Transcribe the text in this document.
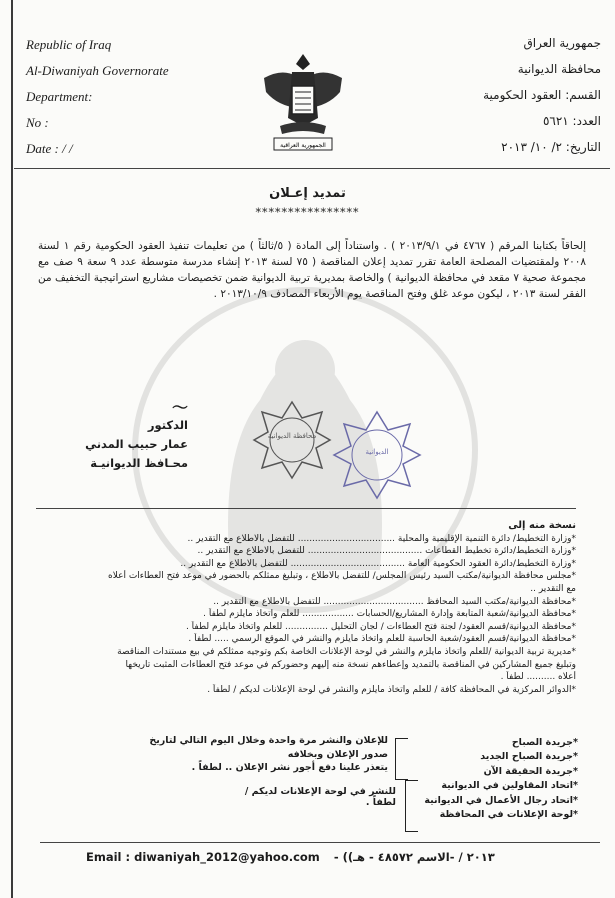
Republic of Iraq
Al-Diwaniyah Governorate
Department:
No :
Date : / /	الجمهورية العراقية
جمهورية العراق
محافظة الديوانية
القسم: العقود الحكومية
العدد: ٥٦٢١
التاريخ: ٢/ ١٠/ ٢٠١٣
تمديد إعـلان
****************

إلحاقاً بكتابنا المرقم ( ٤٧٦٧ في ٢٠١٣/٩/١ ) . واستناداً إلى المادة ( ٥/ثالثاً ) من تعليمات تنفيذ العقود الحكومية رقم ١ لسنة ٢٠٠٨ ولمقتضيات المصلحة العامة تقرر تمديد إعلان المناقصة ( ٧٥ لسنة ٢٠١٣ إنشاء مدرسة متوسطة عدد ٩ سعة ٩ صف مع مجموعة صحية ٧ مقعد في محافظة الديوانية ) والخاصة بمديرية تربية الديوانية ضمن تخصيصات مشاريع استراتيجية التخفيف من الفقر لسنة ٢٠١٣ ، ليكون موعد غلق وفتح المناقصة يوم الأربعاء المصادف ٢٠١٣/١٠/٩ .

محافظة الديوانية
الديوانية
～
الدكتور
عمار حبيب المدني
محـافظ الديوانيـة
نسخة منه إلى
*وزارة التخطيط/ دائرة التنمية الإقليمية والمحلية .................................. للتفضل بالاطلاع مع التقدير ..
*وزارة التخطيط/دائرة تخطيط القطاعات ........................................ للتفضل بالاطلاع مع التقدير ..
*وزارة التخطيط/دائرة العقود الحكومية العامة ........................................ للتفضل بالاطلاع مع التقدير ..
*مجلس محافظة الديوانية/مكتب السيد رئيس المجلس/ للتفضل بالاطلاع ، وتبليغ ممثلكم بالحضور في موعد فتح العطاءات أعلاه
مع التقدير ..
*محافظة الديوانية/مكتب السيد المحافظ ................................... للتفضل بالاطلاع مع التقدير ..
*محافظة الديوانية/شعبة المتابعة وإدارة المشاريع/الحسابات .................. للعلم واتخاذ مايلزم لطفاً .
*محافظة الديوانية/قسم العقود/ لجنة فتح العطاءات / لجان التحليل ............... للعلم واتخاذ مايلزم لطفاً .
*محافظة الديوانية/قسم العقود/شعبة الحاسبة للعلم واتخاذ مايلزم والنشر في الموقع الرسمي ..... لطفاً .
*مديرية تربية الديوانية /للعلم واتخاذ مايلزم والنشر في لوحة الإعلانات الخاصة بكم وتوجيه ممثلكم في بيع مستندات المناقصة
وتبليغ جميع المشاركين في المناقصة بالتمديد وإعطاءهم نسخة منه إليهم وحضوركم في موعد فتح العطاءات المثبت تاريخها
أعلاه .......... لطفاً .
*الدوائر المركزية في المحافظة كافة / للعلم واتخاذ مايلزم والنشر في لوحة الإعلانات لديكم / لطفاً .
*جريدة الصباح
*جريدة الصباح الجديد
*جريدة الحقيقة الآن
*اتحاد المقاولين في الديوانية
*اتحاد رجال الأعمال في الديوانية
*لوحة الإعلانات في المحافظة
للإعلان والنشر مرة واحدة وخلال اليوم التالي لتاريخ صدور الإعلان وبخلافه
يتعذر علينا دفع أجور نشر الإعلان .. لطفاً .
للنشر في لوحة الإعلانات لديكم / لطفاً .
Email : diwaniyah_2012@yahoo.com - ((٢٠١٣ / -الاسم ٤٨٥٧٢ - هـ
